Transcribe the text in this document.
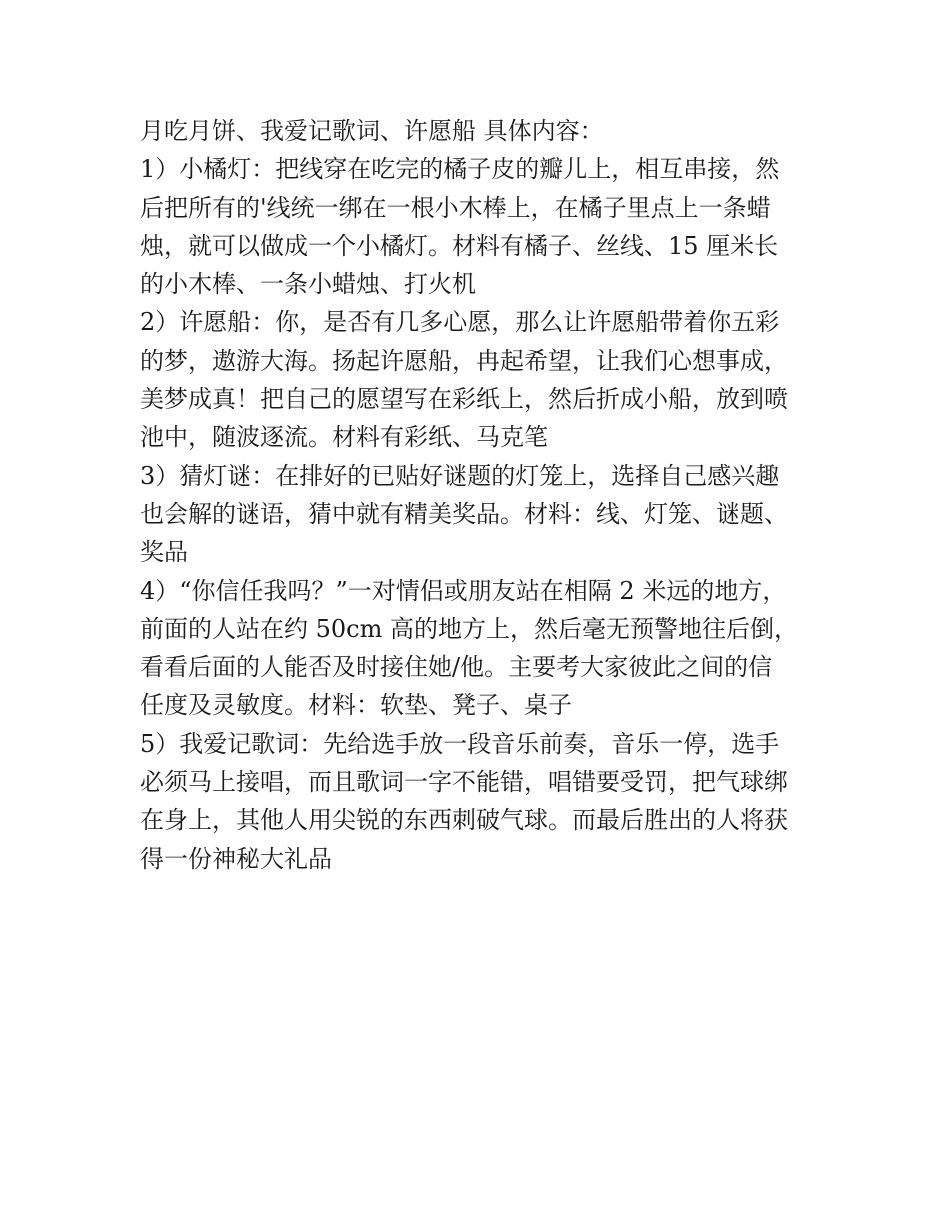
月吃月饼、我爱记歌词、许愿船 具体内容：
1）小橘灯：把线穿在吃完的橘子皮的瓣儿上，相互串接，然
后把所有的'线统一绑在一根小木棒上，在橘子里点上一条蜡
烛，就可以做成一个小橘灯。材料有橘子、丝线、15 厘米长
的小木棒、一条小蜡烛、打火机
2）许愿船：你，是否有几多心愿，那么让许愿船带着你五彩
的梦，遨游大海。扬起许愿船，冉起希望，让我们心想事成，
美梦成真！把自己的愿望写在彩纸上，然后折成小船，放到喷
池中，随波逐流。材料有彩纸、马克笔
3）猜灯谜：在排好的已贴好谜题的灯笼上，选择自己感兴趣
也会解的谜语，猜中就有精美奖品。材料：线、灯笼、谜题、
奖品
4）“你信任我吗？”一对情侣或朋友站在相隔 2 米远的地方，
前面的人站在约 50cm 高的地方上，然后毫无预警地往后倒，
看看后面的人能否及时接住她/他。主要考大家彼此之间的信
任度及灵敏度。材料：软垫、凳子、桌子
5）我爱记歌词：先给选手放一段音乐前奏，音乐一停，选手
必须马上接唱，而且歌词一字不能错，唱错要受罚，把气球绑
在身上，其他人用尖锐的东西刺破气球。而最后胜出的人将获
得一份神秘大礼品
